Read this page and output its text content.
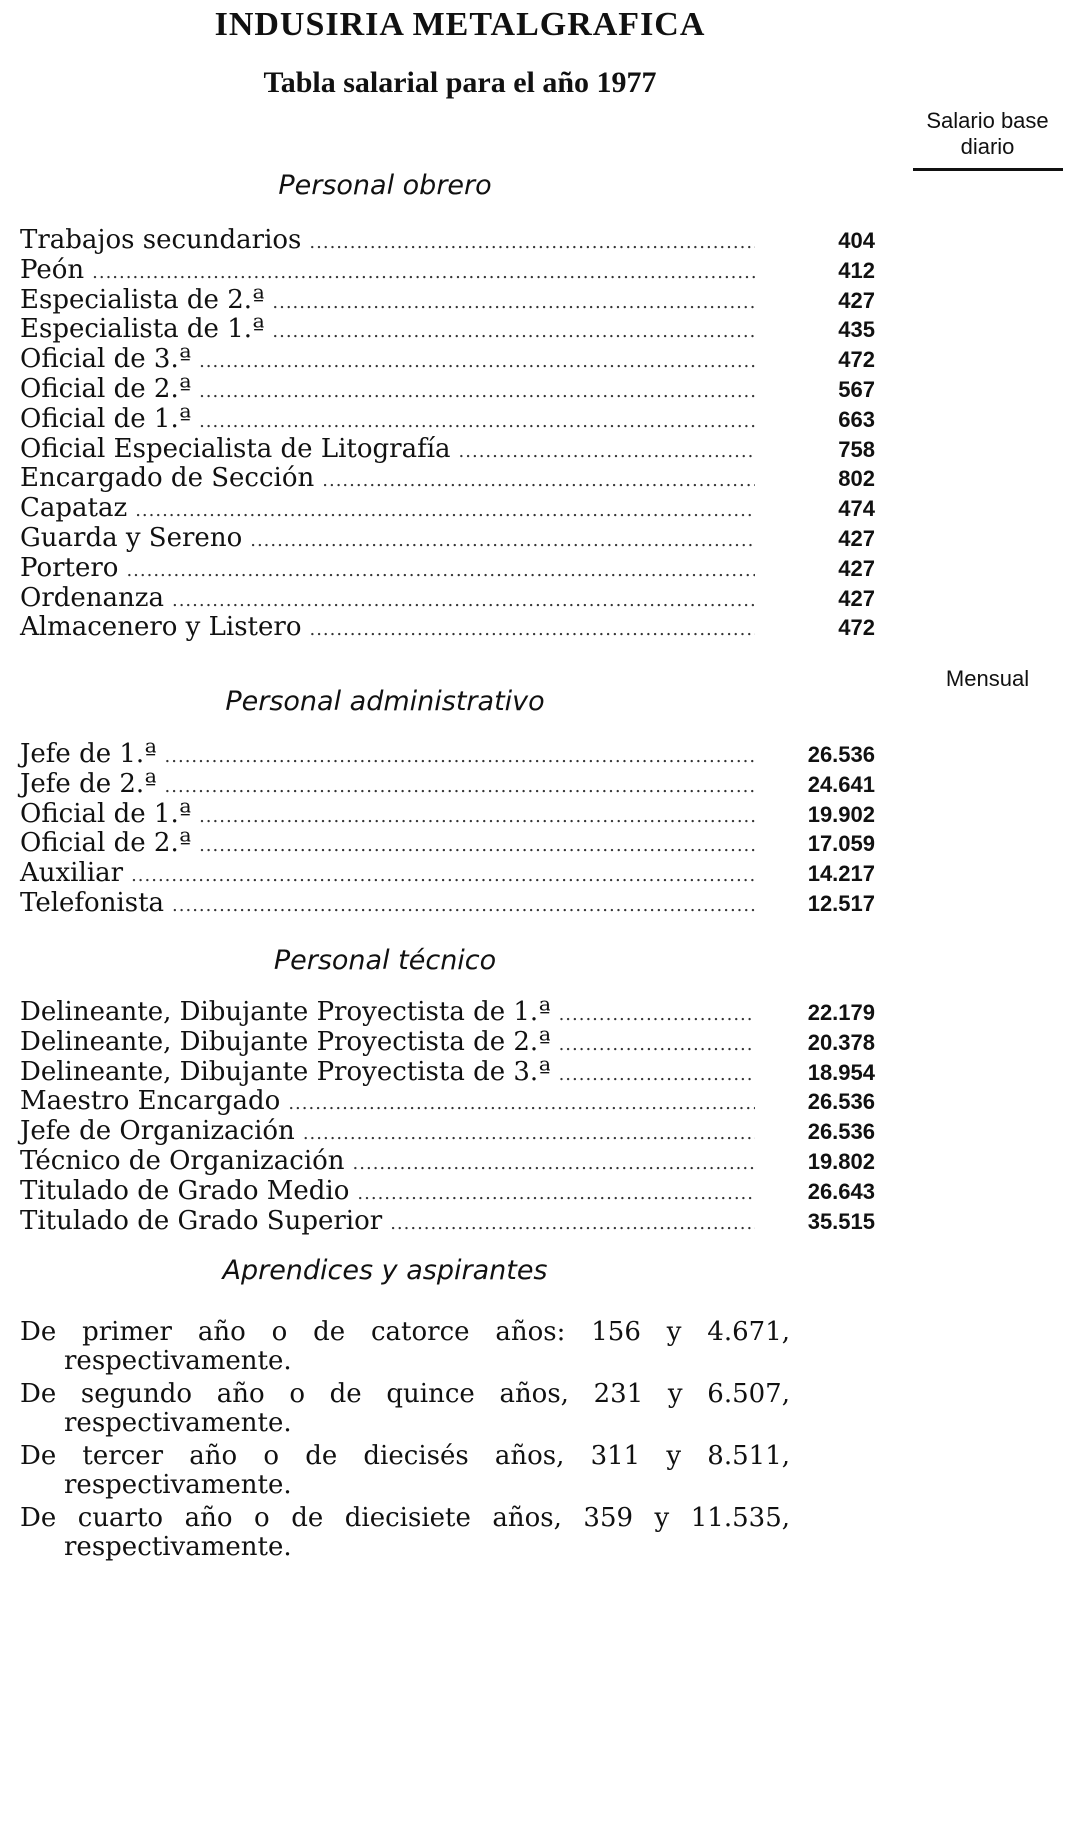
INDUSIRIA METALGRAFICA
Tabla salarial para el año 1977
Salario base
diario
Personal obrero
Trabajos secundarios .....	404
Peón .....	412
Especialista de 2.ª .....	427
Especialista de 1.ª .....	435
Oficial de 3.ª .....	472
Oficial de 2.ª .....	567
Oficial de 1.ª .....	663
Oficial Especialista de Litografía .....	758
Encargado de Sección .....	802
Capataz .....	474
Guarda y Sereno .....	427
Portero .....	427
Ordenanza .....	427
Almacenero y Listero .....	472
Mensual
Personal administrativo
Jefe de 1.ª .....	26.536
Jefe de 2.ª .....	24.641
Oficial de 1.ª .....	19.902
Oficial de 2.ª .....	17.059
Auxiliar .....	14.217
Telefonista .....	12.517
Personal técnico
Delineante, Dibujante Proyectista de 1.ª .....	22.179
Delineante, Dibujante Proyectista de 2.ª .....	20.378
Delineante, Dibujante Proyectista de 3.ª .....	18.954
Maestro Encargado .....	26.536
Jefe de Organización .....	26.536
Técnico de Organización .....	19.802
Titulado de Grado Medio .....	26.643
Titulado de Grado Superior .....	35.515
Aprendices y aspirantes
De primer año o de catorce años: 156 y 4.671, respectivamente.
De segundo año o de quince años, 231 y 6.507, respectivamente.
De tercer año o de diecisés años, 311 y 8.511, respectivamente.
De cuarto año o de diecisiete años, 359 y 11.535, respectivamente.
